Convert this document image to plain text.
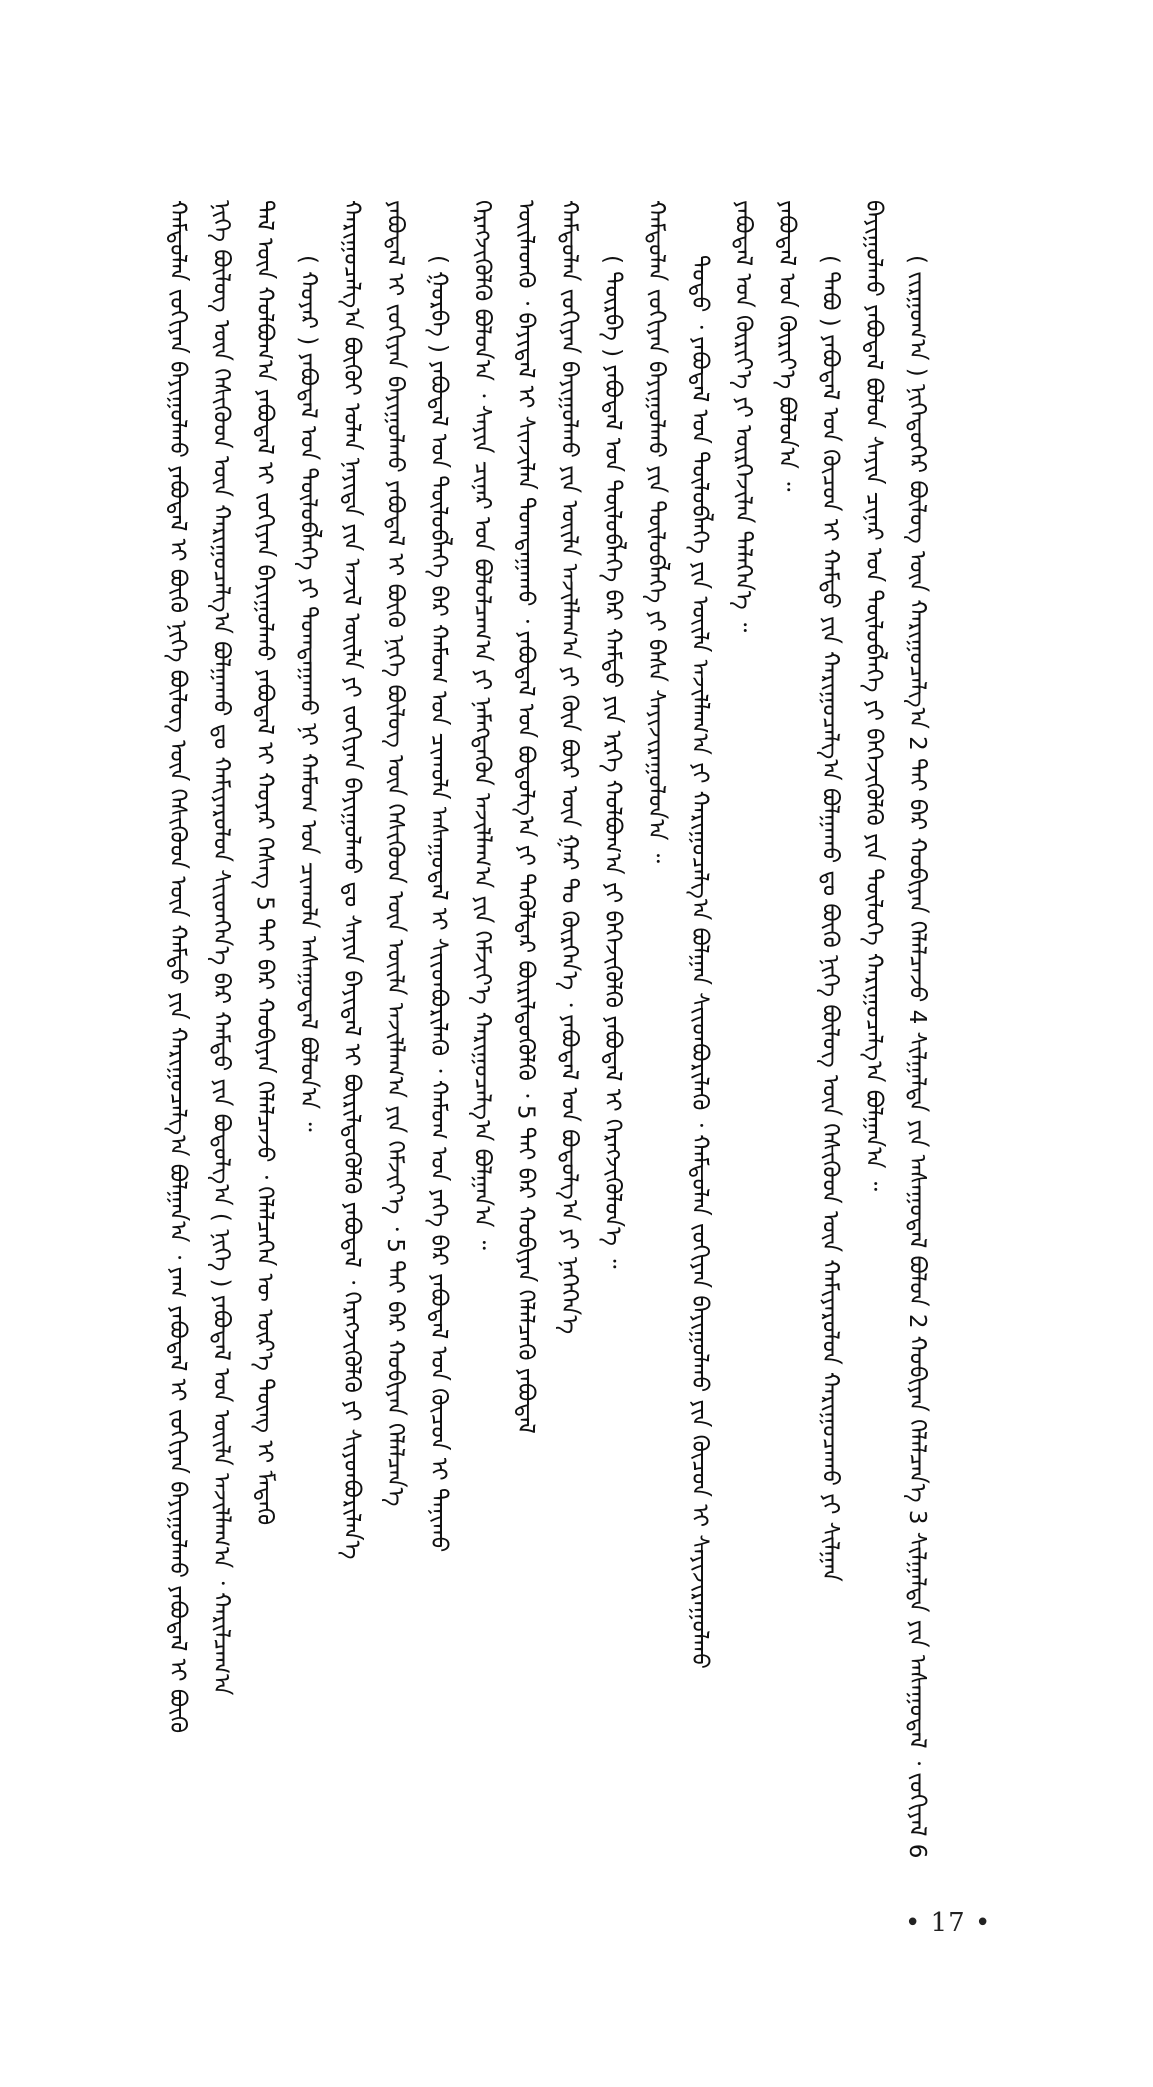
ᠬᠠᠮᠳᠤᠯᠠᠨ ᠵᠣᠬᠢᠶᠠᠨ ᠪᠠᠶᠢᠭᠤᠯᠬᠤ ᠶᠠᠪᠤᠳᠠᠯ ᠢ ᠪᠦᠬᠦ ᠨᠢᠭᠡ ᠪᠦᠯᠦᠭ ᠦᠨ ᠭᠡᠰᠢᠭᠦᠳ ᠦᠨ ᠬᠠᠮᠲᠤ ᠶᠢᠨ ᠬᠠᠷᠢᠭᠤᠴᠠᠯᠭ᠎ᠠ ᠪᠣᠯᠭᠠᠨ᠎ᠠ ᠂ ᠶᠠᠭ ᠶᠠᠪᠤᠳᠠᠯ ᠢ ᠵᠣᠬᠢᠶᠠᠨ ᠪᠠᠶᠢᠭᠤᠯᠬᠤ ᠶᠠᠪᠤᠳᠠᠯ ᠢ ᠪᠦᠬᠦ ᠨᠢᠭᠡ ᠪᠦᠯᠦᠭ ᠦᠨ ᠭᠡᠰᠢᠭᠦᠳ ᠦᠨ ᠬᠠᠷᠢᠭᠤᠴᠠᠯᠭ᠎ᠠ ᠪᠣᠯᠭᠠᠬᠤ ᠳᠤ ᠬᠠᠮᠢᠶᠠᠷᠤᠯᠤᠨ ᠰᠢᠢᠳᠬᠡᠨ᠎ᠡ ᠪᠡᠷ ᠬᠠᠮᠲᠤ ᠶᠢᠨ ᠪᠣᠳᠤᠯᠭ᠎ᠠ ( ᠨᠢᠭᠡ ) ᠶᠠᠪᠤᠳᠠᠯ ᠤᠨ ᠦᠢᠯᠡ ᠠᠵᠢᠯᠯᠠᠭ᠎ᠠ ᠂ ᠬᠠᠷᠢᠯᠴᠠᠭ᠎ᠠ ᠲᠠᠯ ᠦᠨ ᠬᠣᠯᠪᠣᠭ᠎ᠠ ᠶᠠᠪᠤᠳᠠᠯ ᠢ ᠵᠣᠬᠢᠶᠠᠨ ᠪᠠᠶᠢᠭᠤᠯᠬᠤ ᠶᠠᠪᠤᠳᠠᠯ ᠢ ᠬᠣᠶᠠᠷ ᠬᠡᠰᠡᠭ 5 ᠲᠠᠢ ᠪᠠᠷ ᠬᠤᠪᠢᠶᠠᠨ ᠬᠡᠯᠡᠯᠴᠡᠵᠦ ᠂ ᠬᠡᠯᠡᠯᠴᠡᠭᠡᠨ ᠦ ᠦᠷ᠎ᠡ ᠳᠦᠩ ᠢ ᠮᠡᠳᠡᠬᠦ ( ᠬᠣᠶᠠᠷ ) ᠶᠠᠪᠤᠳᠠᠯ ᠤᠨ ᠲᠥᠯᠥᠪᠯᠡᠭᠡ ᠶᠢ ᠲᠣᠭᠲᠠᠭᠠᠬᠤ ᠨᠢ ᠬᠠᠮᠤᠭ ᠤᠨ ᠴᠢᠬᠤᠯᠠ ᠠᠰᠠᠭᠤᠳᠠᠯ ᠪᠣᠯᠤᠨ᠎ᠠ ᠃ ᠬᠠᠷᠢᠭᠤᠴᠠᠯᠭ᠎ᠠ ᠪᠦᠬᠦᠢ ᠣᠯᠠᠨ ᠨᠡᠶᠢᠲᠡ ᠶᠢᠨ ᠠᠵᠢᠯ ᠦᠢᠯᠡ ᠶᠢ ᠵᠣᠬᠢᠶᠠᠨ ᠪᠠᠶᠢᠭᠤᠯᠬᠤ ᠳᠤ ᠰᠠᠶᠢᠨ ᠪᠠᠶᠢᠳᠠᠯ ᠢ ᠪᠦᠷᠢᠯᠳᠦᠭᠦᠯᠬᠦ ᠶᠠᠪᠤᠳᠠᠯ ᠂ ᠬᠡᠷᠡᠭᠵᠢᠭᠦᠯᠬᠦ ᠶᠢ ᠰᠢᠶᠳᠪᠦᠷᠢᠯᠡᠨ᠎ᠡ ᠶᠠᠪᠤᠳᠠᠯ ᠢ ᠵᠣᠬᠢᠶᠠᠨ ᠪᠠᠶᠢᠭᠤᠯᠬᠤ ᠶᠠᠪᠤᠳᠠᠯ ᠢ ᠪᠦᠬᠦ ᠨᠢᠭᠡ ᠪᠦᠯᠦᠭ ᠦᠨ ᠭᠡᠰᠢᠭᠦᠳ ᠦᠨ ᠦᠢᠯᠡ ᠠᠵᠢᠯᠯᠠᠭ᠎ᠠ ᠶᠢᠨ ᠬᠡᠮᠵᠢᠶ᠎ᠡ ᠂ 5 ᠲᠠᠢ ᠪᠠᠷ ᠬᠤᠪᠢᠶᠠᠨ ᠬᠡᠯᠡᠯᠴᠡᠨ᠎ᠡ ( ᠭᠤᠷᠪᠠ ) ᠶᠠᠪᠤᠳᠠᠯ ᠤᠨ ᠲᠥᠯᠥᠪᠯᠡᠭᠡ ᠪᠡᠷ ᠬᠠᠮᠤᠭ ᠤᠨ ᠴᠢᠬᠤᠯᠠ ᠠᠰᠠᠭᠤᠳᠠᠯ ᠢ ᠰᠢᠢᠳᠪᠦᠷᠢᠯᠡᠬᠦ ᠂ ᠬᠠᠮᠤᠭ ᠤᠨ ᠶᠡᠬᠡ ᠪᠠᠷ ᠶᠠᠪᠤᠳᠠᠯ ᠤᠨ ᠬᠦᠴᠦᠨ ᠢ ᠲᠠᠨᠢᠬᠤ ᠬᠡᠷᠡᠭᠵᠢᠭᠦᠯᠬᠦ ᠪᠣᠯᠤᠨ᠎ᠠ ᠂ ᠰᠠᠶᠢᠨ ᠴᠢᠨᠠᠷ ᠤᠨ ᠪᠣᠯᠤᠯᠴᠠᠭ᠎ᠠ ᠶᠢ ᠨᠡᠮᠡᠭᠳᠡᠬᠦᠨ ᠠᠵᠢᠯᠯᠠᠭ᠎ᠠ ᠶᠢᠨ ᠬᠡᠮᠵᠢᠶ᠎ᠡ ᠬᠠᠷᠢᠭᠤᠴᠠᠯᠭ᠎ᠠ ᠪᠣᠯᠭᠠᠨ᠎ᠠ ᠃ ᠦᠢᠯᠡᠳᠬᠦ ᠂ ᠪᠠᠶᠢᠳᠠᠯ ᠢ ᠰᠢᠨᠵᠢᠯᠡᠨ ᠲᠣᠭᠲᠠᠭᠠᠬᠤ ᠂ ᠶᠠᠪᠤᠳᠠᠯ ᠤᠨ ᠪᠣᠳᠤᠯᠭ᠎ᠠ ᠶᠢ ᠲᠡᠭᠦᠯᠳᠡᠷ ᠪᠦᠷᠢᠯᠳᠦᠭᠦᠯᠬᠦ ᠂ 5 ᠲᠠᠢ ᠪᠠᠷ ᠬᠤᠪᠢᠶᠠᠨ ᠬᠡᠯᠡᠯᠴᠡᠬᠦ ᠶᠠᠪᠤᠳᠠᠯ ᠬᠠᠮᠳᠤᠯᠠᠨ ᠵᠣᠬᠢᠶᠠᠨ ᠪᠠᠶᠢᠭᠤᠯᠬᠤ ᠶᠢᠨ ᠦᠢᠯᠡ ᠠᠵᠢᠯᠯᠠᠭ᠎ᠠ ᠶᠢ ᠬᠦᠨ ᠪᠦᠷ ᠦᠨ ᠭᠠᠷ ᠲᠤ ᠬᠦᠷᠭᠡᠨ᠎ᠡ ᠂ ᠶᠠᠪᠤᠳᠠᠯ ᠤᠨ ᠪᠣᠳᠤᠯᠭ᠎ᠠ ᠶᠢ ᠨᠡᠭᠡᠭᠡᠨ᠎ᠡ ( ᠳᠥᠷᠪᠡ ) ᠶᠠᠪᠤᠳᠠᠯ ᠤᠨ ᠲᠥᠯᠥᠪᠯᠡᠭᠡ ᠪᠡᠷ ᠬᠠᠮᠲᠤ ᠶᠢᠨ ᠡᠷᠬᠡ ᠬᠣᠯᠪᠣᠭ᠎ᠠ ᠶᠢ ᠪᠡᠬᠡᠵᠢᠭᠦᠯᠬᠦ ᠶᠠᠪᠤᠳᠠᠯ ᠢ ᠬᠡᠷᠡᠭᠵᠢᠭᠦᠯᠦᠨ᠎ᠡ ᠃ ᠬᠠᠮᠳᠤᠯᠠᠨ ᠵᠣᠬᠢᠶᠠᠨ ᠪᠠᠶᠢᠭᠤᠯᠬᠤ ᠶᠢᠨ ᠲᠥᠯᠥᠪᠯᠡᠭᠡ ᠶᠢ ᠪᠠᠰᠠ ᠰᠠᠶᠢᠵᠢᠷᠠᠭᠤᠯᠤᠨ᠎ᠠ ᠃ ᠲᠣᠳᠣ ᠂ ᠶᠠᠪᠤᠳᠠᠯ ᠤᠨ ᠲᠥᠯᠥᠪᠯᠡᠭᠡ ᠶᠢᠨ ᠦᠢᠯᠡ ᠠᠵᠢᠯᠯᠠᠭ᠎ᠠ ᠶᠢ ᠬᠠᠷᠢᠭᠤᠴᠠᠯᠭ᠎ᠠ ᠪᠣᠯᠭᠠᠨ ᠰᠢᠢᠳᠪᠦᠷᠢᠯᠡᠬᠦ ᠂ ᠬᠠᠮᠳᠤᠯᠠᠨ ᠵᠣᠬᠢᠶᠠᠨ ᠪᠠᠶᠢᠭᠤᠯᠬᠤ ᠶᠢᠨ ᠬᠦᠴᠦᠨ ᠢ ᠰᠠᠶᠢᠵᠢᠷᠠᠭᠤᠯᠬᠤ ᠶᠠᠪᠤᠳᠠᠯ ᠤᠨ ᠬᠦᠷᠢᠶ᠎ᠡ ᠶᠢ ᠦᠷᠭᠡᠵᠢᠯᠡᠨ ᠲᠡᠯᠡᠭᠡᠨ᠎ᠡ ᠃ ᠶᠠᠪᠤᠳᠠᠯ ᠤᠨ ᠬᠦᠷᠢᠶ᠎ᠡ ᠪᠣᠯᠤᠨ᠎ᠠ ᠃ ( ᠲᠠᠪᠤ ) ᠶᠠᠪᠤᠳᠠᠯ ᠤᠨ ᠬᠦᠴᠦᠨ ᠢ ᠬᠠᠮᠲᠤ ᠶᠢᠨ ᠬᠠᠷᠢᠭᠤᠴᠠᠯᠭ᠎ᠠ ᠪᠣᠯᠭᠠᠬᠤ ᠳᠤ ᠪᠦᠬᠦ ᠨᠢᠭᠡ ᠪᠦᠯᠦᠭ ᠦᠨ ᠭᠡᠰᠢᠭᠦᠳ ᠦᠨ ᠬᠠᠮᠢᠶᠠᠷᠤᠯᠤᠨ ᠬᠠᠷᠢᠭᠤᠴᠠᠬᠤ ᠶᠢ ᠰᠢᠯᠭᠠᠨ ᠪᠠᠶᠢᠭᠤᠯᠬᠤ ᠶᠠᠪᠤᠳᠠᠯ ᠪᠣᠯᠤᠨ ᠰᠠᠶᠢᠨ ᠴᠢᠨᠠᠷ ᠤᠨ ᠲᠥᠯᠥᠪᠯᠡᠭᠡ ᠶᠢ ᠪᠡᠬᠡᠵᠢᠭᠦᠯᠬᠦ ᠶᠢᠨ ᠲᠥᠯᠥᠭᠡ ᠬᠠᠷᠢᠭᠤᠴᠠᠯᠭ᠎ᠠ ᠪᠣᠯᠭᠠᠨ᠎ᠠ ᠃ ( ᠵᠢᠷᠭᠤᠭ᠎ᠠ ) ᠨᠢᠭᠡᠳᠦᠭᠡᠷ ᠪᠦᠯᠦᠭ ᠦᠨ ᠬᠠᠷᠢᠭᠤᠴᠠᠯᠭ᠎ᠠ 2 ᠲᠠᠢ ᠪᠠᠷ ᠬᠤᠪᠢᠶᠠᠨ ᠬᠡᠯᠡᠯᠴᠡᠵᠦ 4 ᠰᠢᠯᠭᠠᠯᠲᠠ ᠶᠢᠨ ᠠᠰᠠᠭᠤᠳᠠᠯ ᠪᠣᠯᠤᠨ 2 ᠬᠤᠪᠢᠶᠠᠨ ᠬᠡᠯᠡᠯᠴᠡᠨ᠎ᠡ 3 ᠰᠢᠯᠭᠠᠯᠲᠠ ᠶᠢᠨ ᠠᠰᠠᠭᠤᠳᠠᠯ ᠂ ᠵᠣᠬᠢᠶᠠᠯ 6

• 17 •
